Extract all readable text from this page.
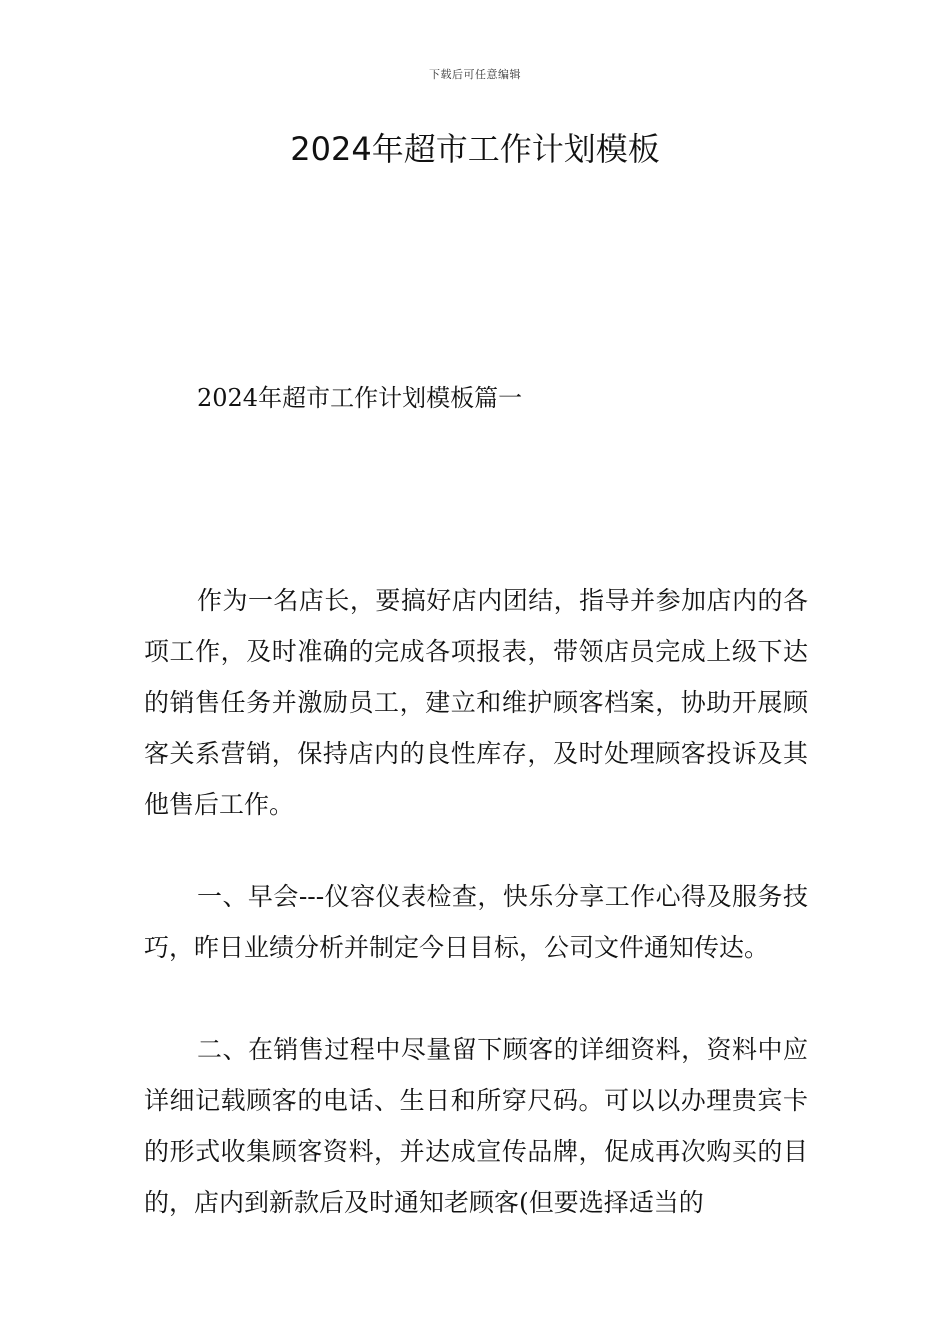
下载后可任意编辑
2024年超市工作计划模板
2024年超市工作计划模板篇一

作为一名店长，要搞好店内团结，指导并参加店内的各项工作，及时准确的完成各项报表，带领店员完成上级下达的销售任务并激励员工，建立和维护顾客档案，协助开展顾客关系营销，保持店内的良性库存，及时处理顾客投诉及其他售后工作。

一、早会---仪容仪表检查，快乐分享工作心得及服务技巧，昨日业绩分析并制定今日目标，公司文件通知传达。

二、在销售过程中尽量留下顾客的详细资料，资料中应详细记载顾客的电话、生日和所穿尺码。可以以办理贵宾卡的形式收集顾客资料，并达成宣传品牌，促成再次购买的目的，店内到新款后及时通知老顾客(但要选择适当的
